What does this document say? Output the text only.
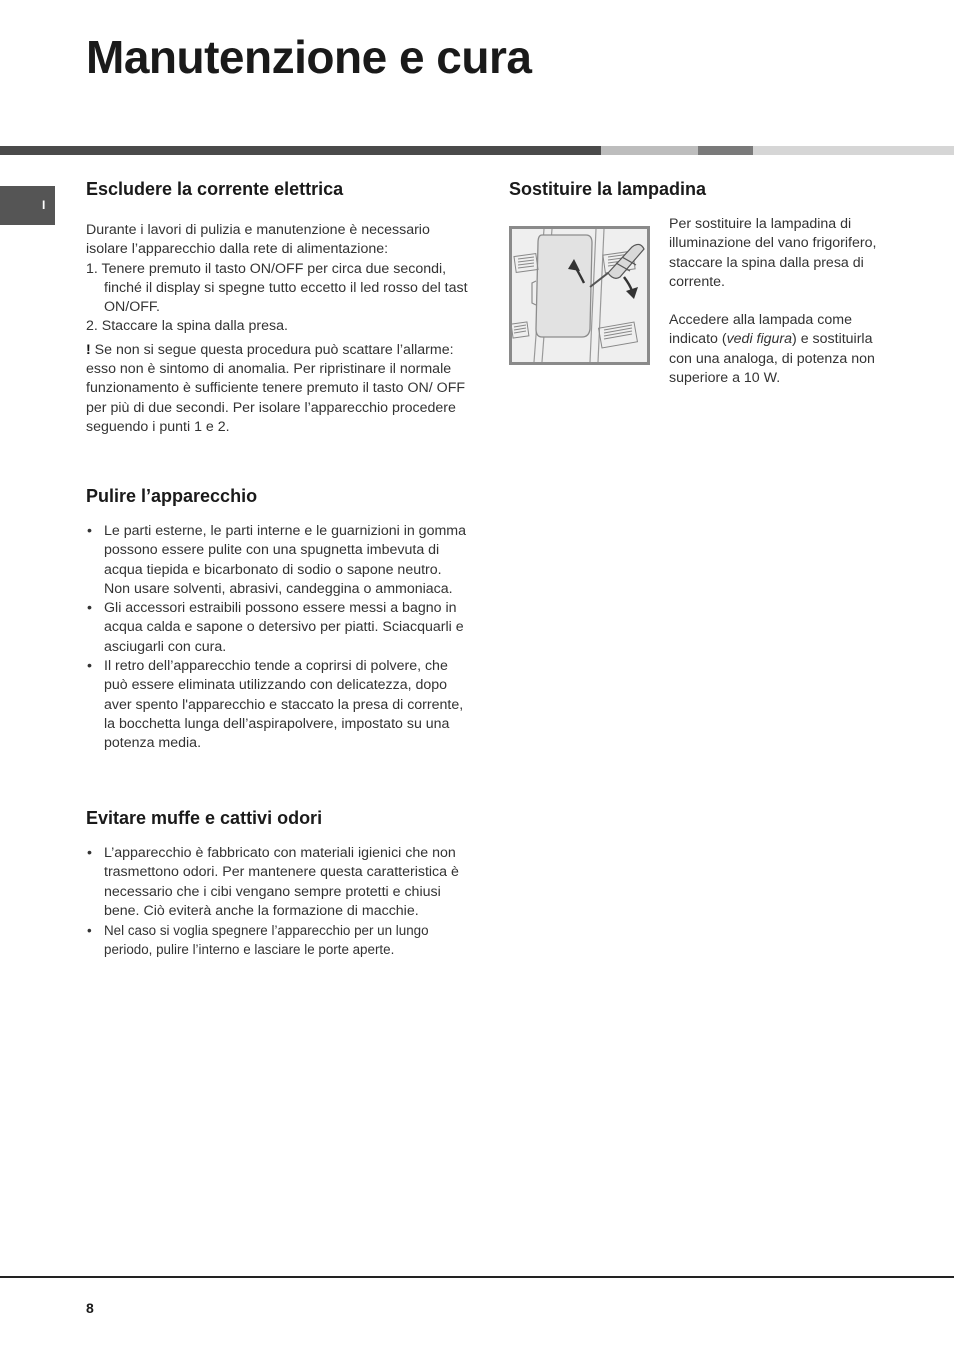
Manutenzione e cura
I
Escludere la corrente elettrica

Durante i lavori di pulizia e manutenzione è necessario isolare l’apparecchio dalla rete di alimentazione:

1. Tenere premuto il tasto ON/OFF per circa due secondi, finché il display si spegne tutto eccetto il led rosso del tast ON/OFF.

2. Staccare la spina dalla presa.

! Se non si segue questa procedura può scattare l’allarme: esso non è sintomo di anomalia. Per ripristinare il normale funzionamento è sufficiente tenere premuto il tasto ON/ OFF per più di due secondi. Per isolare l’apparecchio procedere seguendo i punti 1 e 2.

Pulire l’apparecchio
• Le parti esterne, le parti interne e le guarnizioni in gomma possono essere pulite con una spugnetta imbevuta di acqua tiepida e bicarbonato di sodio o sapone neutro. Non usare solventi, abrasivi, candeggina o ammoniaca.
• Gli accessori estraibili possono essere messi a bagno in acqua calda e sapone o detersivo per piatti. Sciacquarli e asciugarli con cura.
• Il retro dell’apparecchio tende a coprirsi di polvere, che può essere eliminata utilizzando con delicatezza, dopo aver spento l'apparecchio e staccato la presa di corrente, la bocchetta lunga dell’aspirapolvere, impostato su una potenza media.
Evitare muffe e cattivi odori
• L’apparecchio è fabbricato con materiali igienici che non trasmettono odori. Per mantenere questa caratteristica è necessario che i cibi vengano sempre protetti e chiusi bene. Ciò eviterà anche la formazione di macchie.
• Nel caso si voglia spegnere l’apparecchio per un lungo periodo, pulire l’interno e lasciare le porte aperte.
Sostituire la lampadina

Per sostituire la lampadina di illuminazione del vano frigorifero, staccare la spina dalla presa di corrente.

Accedere alla lampada come indicato (vedi figura) e sostituirla con una analoga, di potenza non superiore a 10 W.

8
